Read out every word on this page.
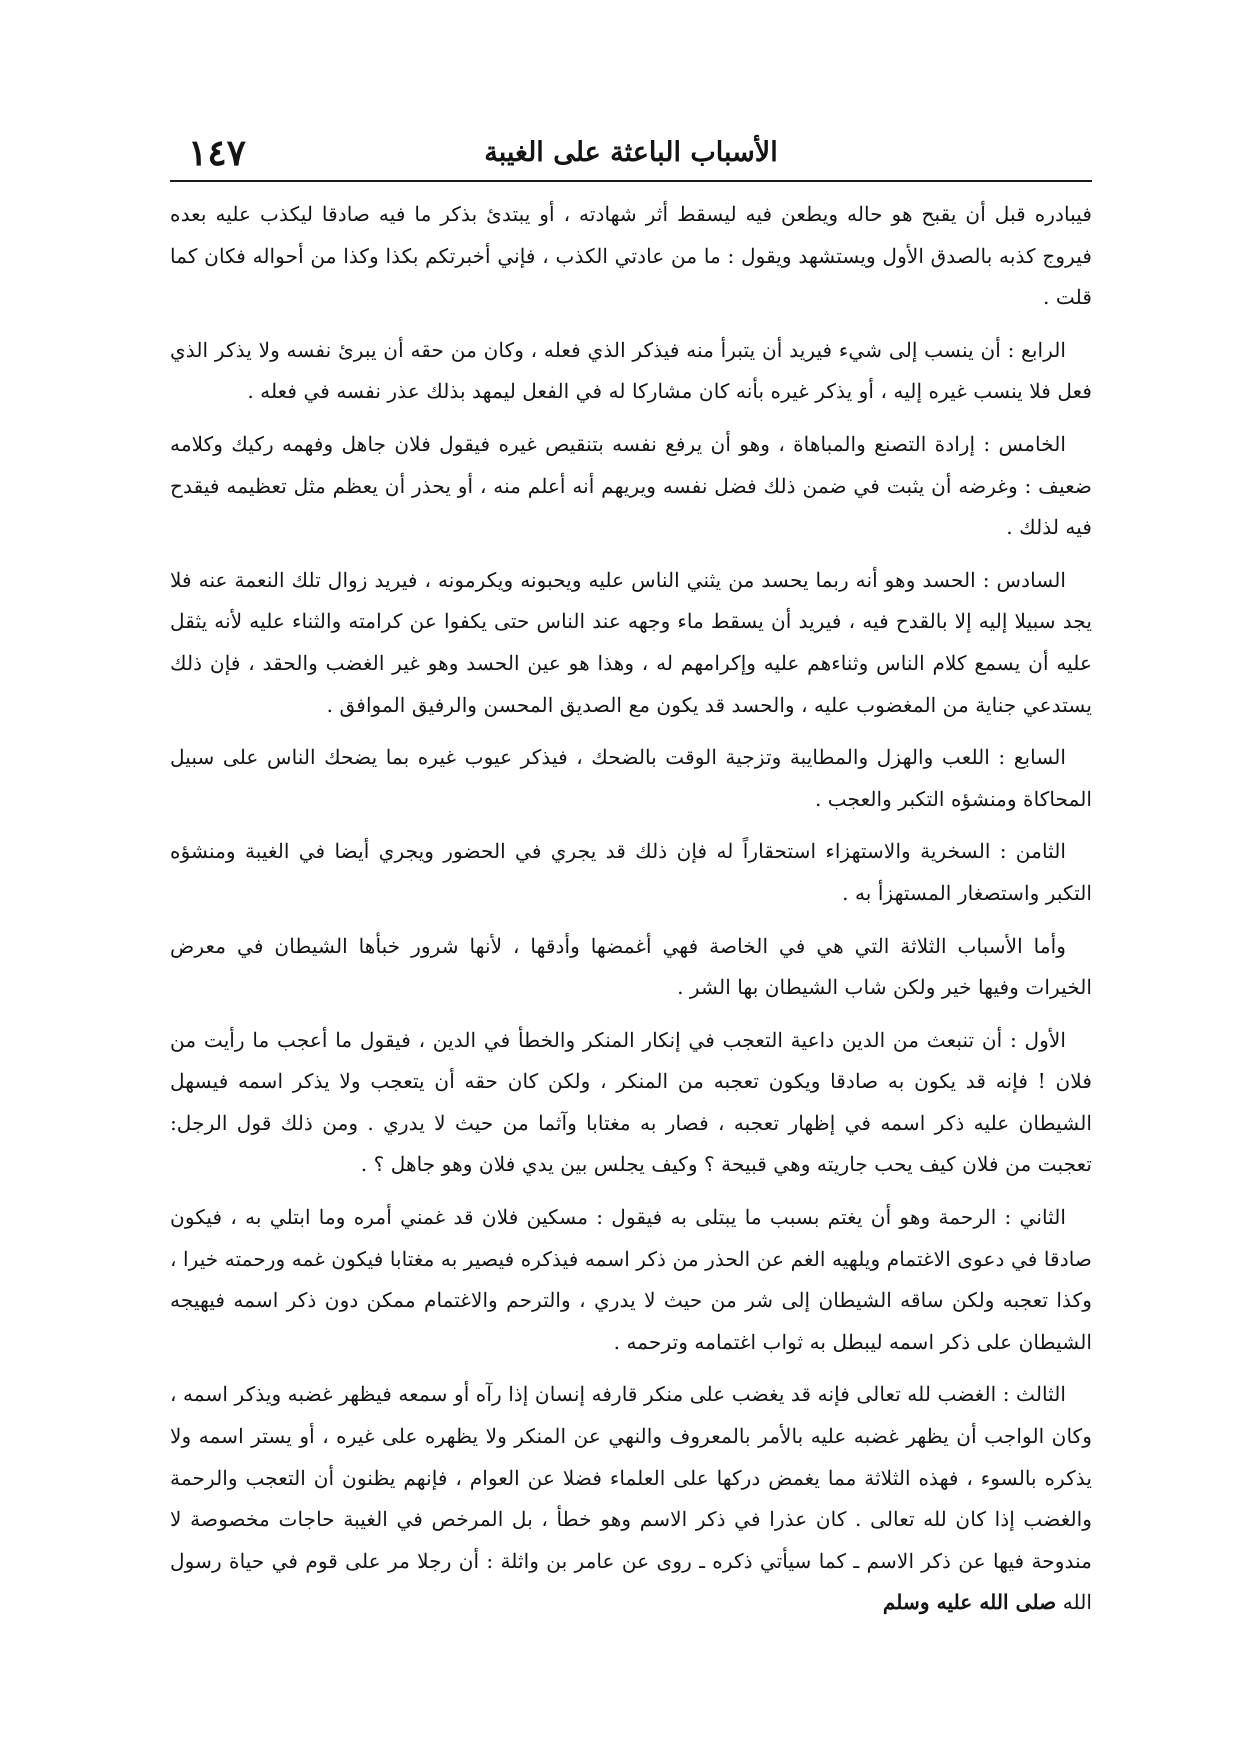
الأسباب الباعثة على الغيبة
١٤٧

فيبادره قبل أن يقبح هو حاله ويطعن فيه ليسقط أثر شهادته ، أو يبتدئ بذكر ما فيه صادقا ليكذب عليه بعده فيروج كذبه بالصدق الأول ويستشهد ويقول : ما من عادتي الكذب ، فإني أخبرتكم بكذا وكذا من أحواله فكان كما قلت .

الرابع : أن ينسب إلى شيء فيريد أن يتبرأ منه فيذكر الذي فعله ، وكان من حقه أن يبرئ نفسه ولا يذكر الذي فعل فلا ينسب غيره إليه ، أو يذكر غيره بأنه كان مشاركا له في الفعل ليمهد بذلك عذر نفسه في فعله .

الخامس : إرادة التصنع والمباهاة ، وهو أن يرفع نفسه بتنقيص غيره فيقول فلان جاهل وفهمه ركيك وكلامه ضعيف : وغرضه أن يثبت في ضمن ذلك فضل نفسه ويريهم أنه أعلم منه ، أو يحذر أن يعظم مثل تعظيمه فيقدح فيه لذلك .

السادس : الحسد وهو أنه ربما يحسد من يثني الناس عليه ويحبونه ويكرمونه ، فيريد زوال تلك النعمة عنه فلا يجد سبيلا إليه إلا بالقدح فيه ، فيريد أن يسقط ماء وجهه عند الناس حتى يكفوا عن كرامته والثناء عليه لأنه يثقل عليه أن يسمع كلام الناس وثناءهم عليه وإكرامهم له ، وهذا هو عين الحسد وهو غير الغضب والحقد ، فإن ذلك يستدعي جناية من المغضوب عليه ، والحسد قد يكون مع الصديق المحسن والرفيق الموافق .

السابع : اللعب والهزل والمطايبة وتزجية الوقت بالضحك ، فيذكر عيوب غيره بما يضحك الناس على سبيل المحاكاة ومنشؤه التكبر والعجب .

الثامن : السخرية والاستهزاء استحقاراً له فإن ذلك قد يجري في الحضور ويجري أيضا في الغيبة ومنشؤه التكبر واستصغار المستهزأ به .

وأما الأسباب الثلاثة التي هي في الخاصة فهي أغمضها وأدقها ، لأنها شرور خبأها الشيطان في معرض الخيرات وفيها خير ولكن شاب الشيطان بها الشر .

الأول : أن تنبعث من الدين داعية التعجب في إنكار المنكر والخطأ في الدين ، فيقول ما أعجب ما رأيت من فلان ! فإنه قد يكون به صادقا ويكون تعجبه من المنكر ، ولكن كان حقه أن يتعجب ولا يذكر اسمه فيسهل الشيطان عليه ذكر اسمه في إظهار تعجبه ، فصار به مغتابا وآثما من حيث لا يدري . ومن ذلك قول الرجل: تعجبت من فلان كيف يحب جاريته وهي قبيحة ؟ وكيف يجلس بين يدي فلان وهو جاهل ؟ .

الثاني : الرحمة وهو أن يغتم بسبب ما يبتلى به فيقول : مسكين فلان قد غمني أمره وما ابتلي به ، فيكون صادقا في دعوى الاغتمام ويلهيه الغم عن الحذر من ذكر اسمه فيذكره فيصير به مغتابا فيكون غمه ورحمته خيرا ، وكذا تعجبه ولكن ساقه الشيطان إلى شر من حيث لا يدري ، والترحم والاغتمام ممكن دون ذكر اسمه فيهيجه الشيطان على ذكر اسمه ليبطل به ثواب اغتمامه وترحمه .

الثالث : الغضب لله تعالى فإنه قد يغضب على منكر قارفه إنسان إذا رآه أو سمعه فيظهر غضبه ويذكر اسمه ، وكان الواجب أن يظهر غضبه عليه بالأمر بالمعروف والنهي عن المنكر ولا يظهره على غيره ، أو يستر اسمه ولا يذكره بالسوء ، فهذه الثلاثة مما يغمض دركها على العلماء فضلا عن العوام ، فإنهم يظنون أن التعجب والرحمة والغضب إذا كان لله تعالى . كان عذرا في ذكر الاسم وهو خطأ ، بل المرخص في الغيبة حاجات مخصوصة لا مندوحة فيها عن ذكر الاسم ـ كما سيأتي ذكره ـ روى عن عامر بن واثلة : أن رجلا مر على قوم في حياة رسول الله صلى الله عليه وسلم
